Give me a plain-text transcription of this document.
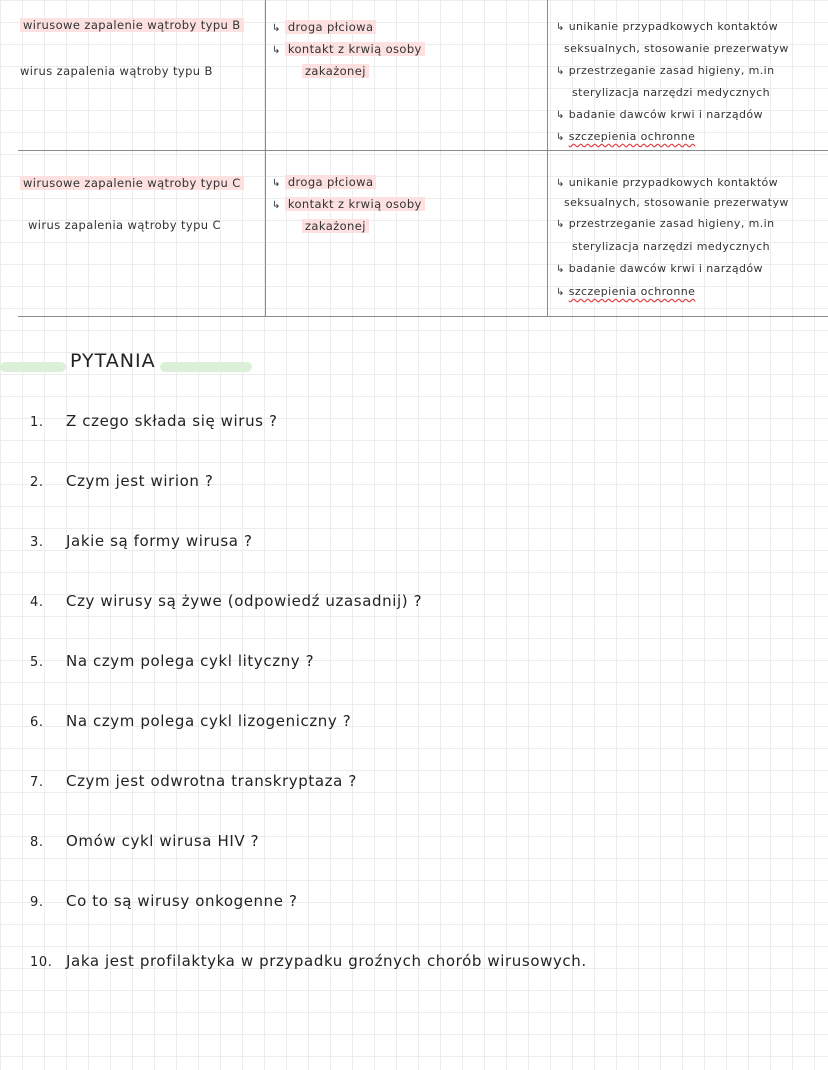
wirusowe zapalenie wątroby typu B
wirus zapalenia wątroby typu B
↳ droga płciowa
↳ kontakt z krwią osoby
zakażonej
↳ unikanie przypadkowych kontaktów
seksualnych, stosowanie prezerwatyw
↳ przestrzeganie zasad higieny, m.in
sterylizacja narzędzi medycznych
↳ badanie dawców krwi i narządów
↳ szczepienia ochronne
wirusowe zapalenie wątroby typu C
wirus zapalenia wątroby typu C
↳ droga płciowa
↳ kontakt z krwią osoby
zakażonej
↳ unikanie przypadkowych kontaktów
seksualnych, stosowanie prezerwatyw
↳ przestrzeganie zasad higieny, m.in
sterylizacja narzędzi medycznych
↳ badanie dawców krwi i narządów
↳ szczepienia ochronne
PYTANIA
1. Z czego składa się wirus ?
2. Czym jest wirion ?
3. Jakie są formy wirusa ?
4. Czy wirusy są żywe (odpowiedź uzasadnij) ?
5. Na czym polega cykl lityczny ?
6. Na czym polega cykl lizogeniczny ?
7. Czym jest odwrotna transkryptaza ?
8. Omów cykl wirusa HIV ?
9. Co to są wirusy onkogenne ?
10. Jaka jest profilaktyka w przypadku groźnych chorób wirusowych.
